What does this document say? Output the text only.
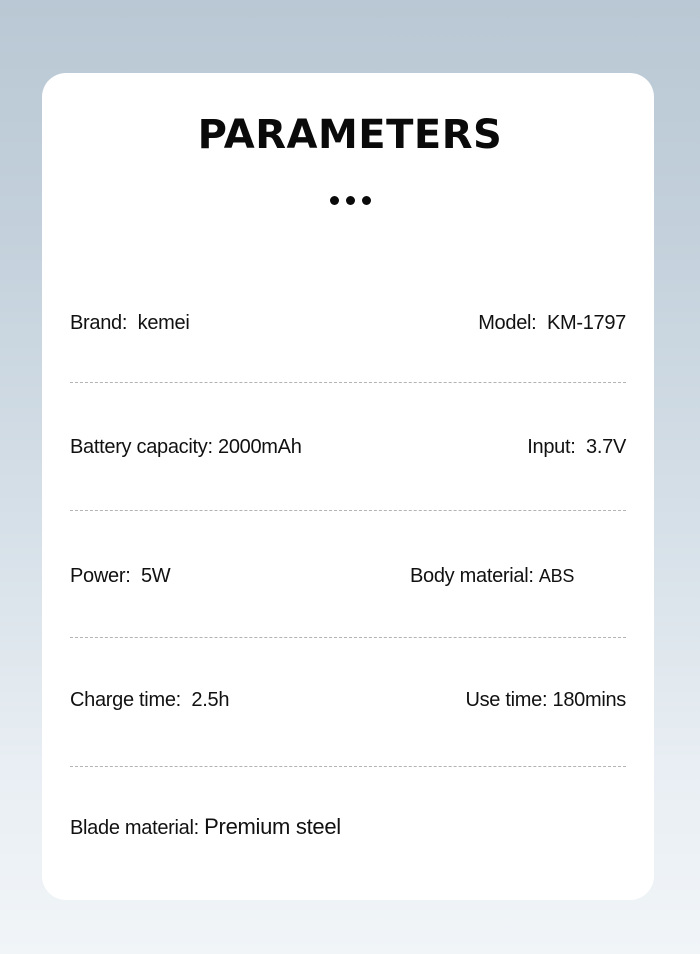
PARAMETERS
Brand: kemei	Model: KM-1797
Battery capacity: 2000mAh	Input: 3.7V
Power: 5W	Body material: ABS
Charge time: 2.5h	Use time: 180mins
Blade material: Premium steel
